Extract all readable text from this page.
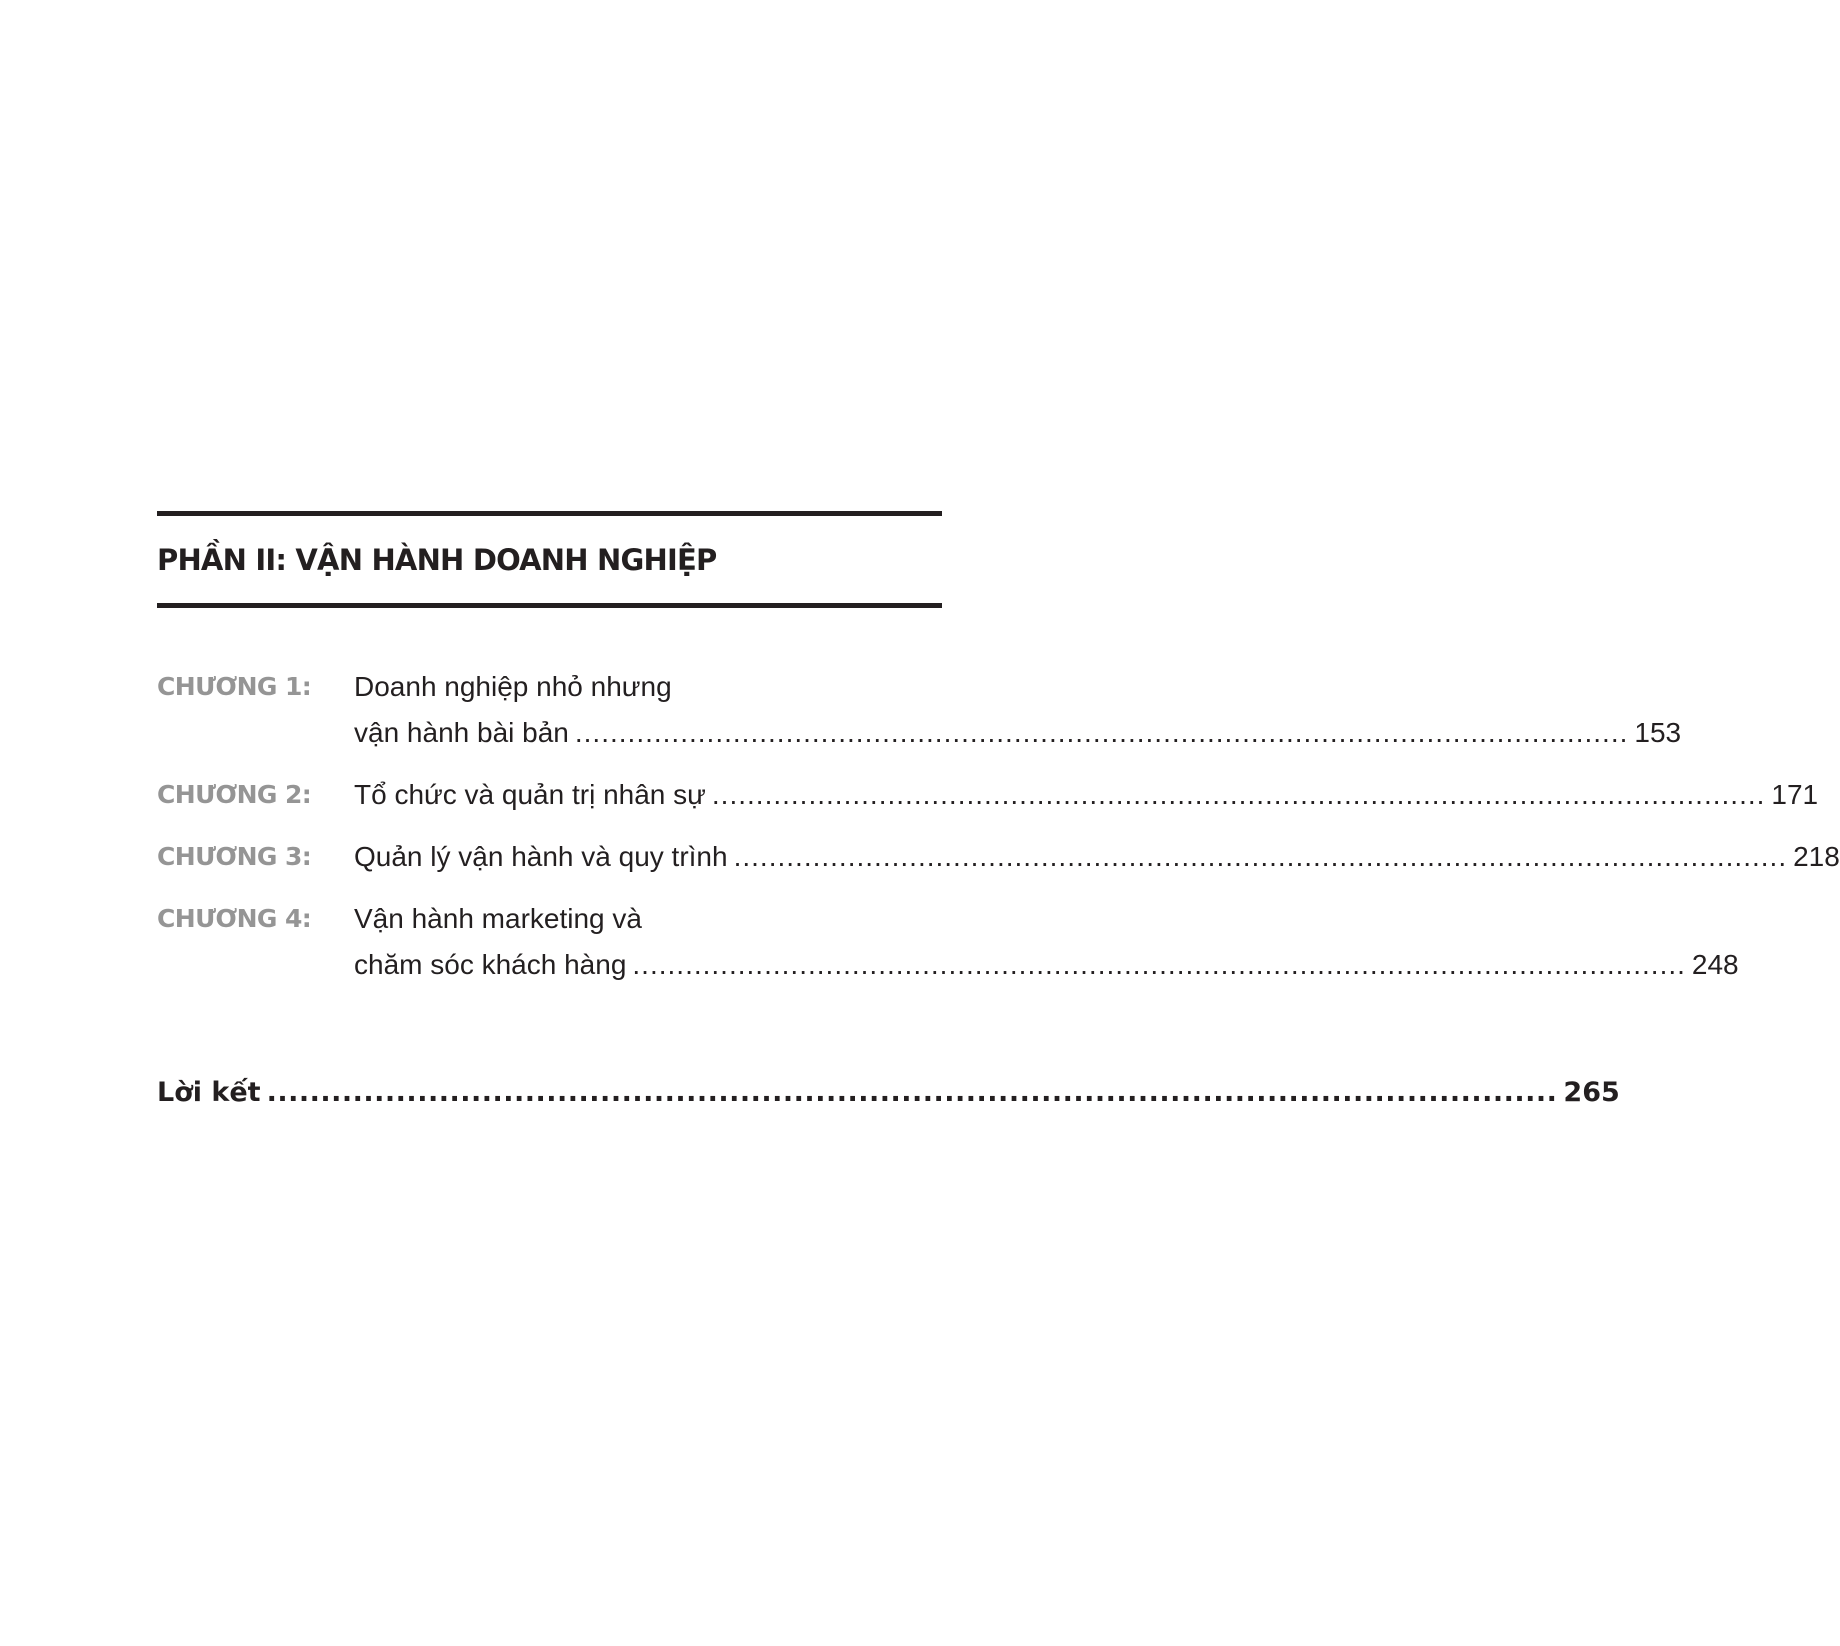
PHẦN II: VẬN HÀNH DOANH NGHIỆP
CHƯƠNG 1:	Doanh nghiệp nhỏ nhưng
vận hành bài bản ........................................................................................................................ 153
CHƯƠNG 2:	Tổ chức và quản trị nhân sự ........................................................................................................................ 171
CHƯƠNG 3:	Quản lý vận hành và quy trình ........................................................................................................................ 218
CHƯƠNG 4:	Vận hành marketing và
chăm sóc khách hàng ........................................................................................................................ 248
Lời kết ........................................................................................................................ 265
